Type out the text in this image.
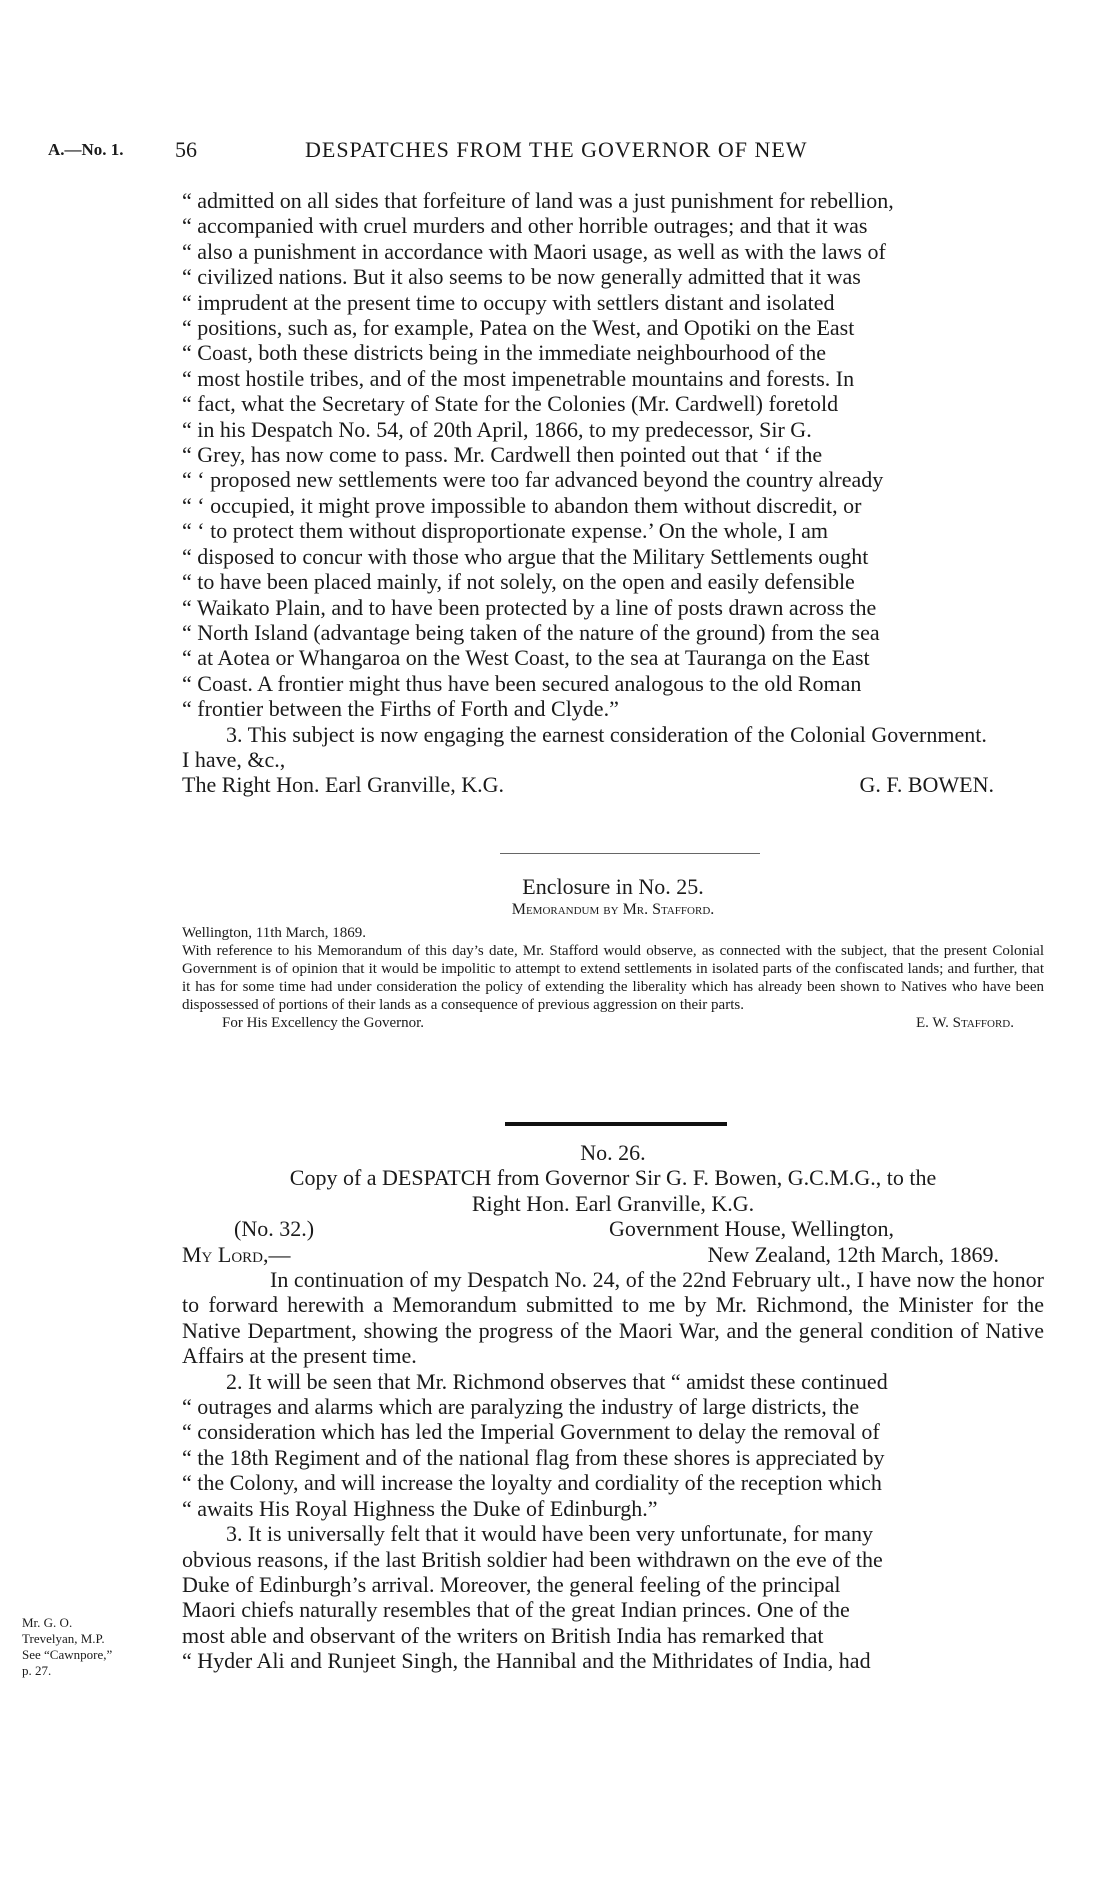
A.—No. 1. 56	DESPATCHES FROM THE GOVERNOR OF NEW

“ admitted on all sides that forfeiture of land was a just punishment for rebellion,

“ accompanied with cruel murders and other horrible outrages; and that it was

“ also a punishment in accordance with Maori usage, as well as with the laws of

“ civilized nations. But it also seems to be now generally admitted that it was

“ imprudent at the present time to occupy with settlers distant and isolated

“ positions, such as, for example, Patea on the West, and Opotiki on the East

“ Coast, both these districts being in the immediate neighbourhood of the

“ most hostile tribes, and of the most impenetrable mountains and forests. In

“ fact, what the Secretary of State for the Colonies (Mr. Cardwell) foretold

“ in his Despatch No. 54, of 20th April, 1866, to my predecessor, Sir G.

“ Grey, has now come to pass. Mr. Cardwell then pointed out that ‘ if the

“ ‘ proposed new settlements were too far advanced beyond the country already

“ ‘ occupied, it might prove impossible to abandon them without discredit, or

“ ‘ to protect them without disproportionate expense.’ On the whole, I am

“ disposed to concur with those who argue that the Military Settlements ought

“ to have been placed mainly, if not solely, on the open and easily defensible

“ Waikato Plain, and to have been protected by a line of posts drawn across the

“ North Island (advantage being taken of the nature of the ground) from the sea

“ at Aotea or Whangaroa on the West Coast, to the sea at Tauranga on the East

“ Coast. A frontier might thus have been secured analogous to the old Roman

“ frontier between the Firths of Forth and Clyde.”

3. This subject is now engaging the earnest consideration of the Colonial Government.

I have, &c.,

The Right Hon. Earl Granville, K.G.	G. F. BOWEN.

Enclosure in No. 25.

Memorandum by Mr. Stafford.

Wellington, 11th March, 1869.

With reference to his Memorandum of this day’s date, Mr. Stafford would observe, as connected with the subject, that the present Colonial Government is of opinion that it would be impolitic to attempt to extend settlements in isolated parts of the confiscated lands; and further, that it has for some time had under consideration the policy of extending the liberality which has already been shown to Natives who have been dispossessed of portions of their lands as a consequence of previous aggression on their parts.

For His Excellency the Governor.	E. W. Stafford.

No. 26.

Copy of a DESPATCH from Governor Sir G. F. Bowen, G.C.M.G., to the

Right Hon. Earl Granville, K.G.

(No. 32.)	Government House, Wellington,
My Lord,—	New Zealand, 12th March, 1869.

In continuation of my Despatch No. 24, of the 22nd February ult., I have now the honor to forward herewith a Memorandum submitted to me by Mr. Richmond, the Minister for the Native Department, showing the progress of the Maori War, and the general condition of Native Affairs at the present time.

2. It will be seen that Mr. Richmond observes that “ amidst these continued

“ outrages and alarms which are paralyzing the industry of large districts, the

“ consideration which has led the Imperial Government to delay the removal of

“ the 18th Regiment and of the national flag from these shores is appreciated by

“ the Colony, and will increase the loyalty and cordiality of the reception which

“ awaits His Royal Highness the Duke of Edinburgh.”

3. It is universally felt that it would have been very unfortunate, for many

obvious reasons, if the last British soldier had been withdrawn on the eve of the

Duke of Edinburgh’s arrival. Moreover, the general feeling of the principal

Maori chiefs naturally resembles that of the great Indian princes. One of the

most able and observant of the writers on British India has remarked that

“ Hyder Ali and Runjeet Singh, the Hannibal and the Mithridates of India, had

Mr. G. O.
Trevelyan, M.P.
See “Cawnpore,”
p. 27.
